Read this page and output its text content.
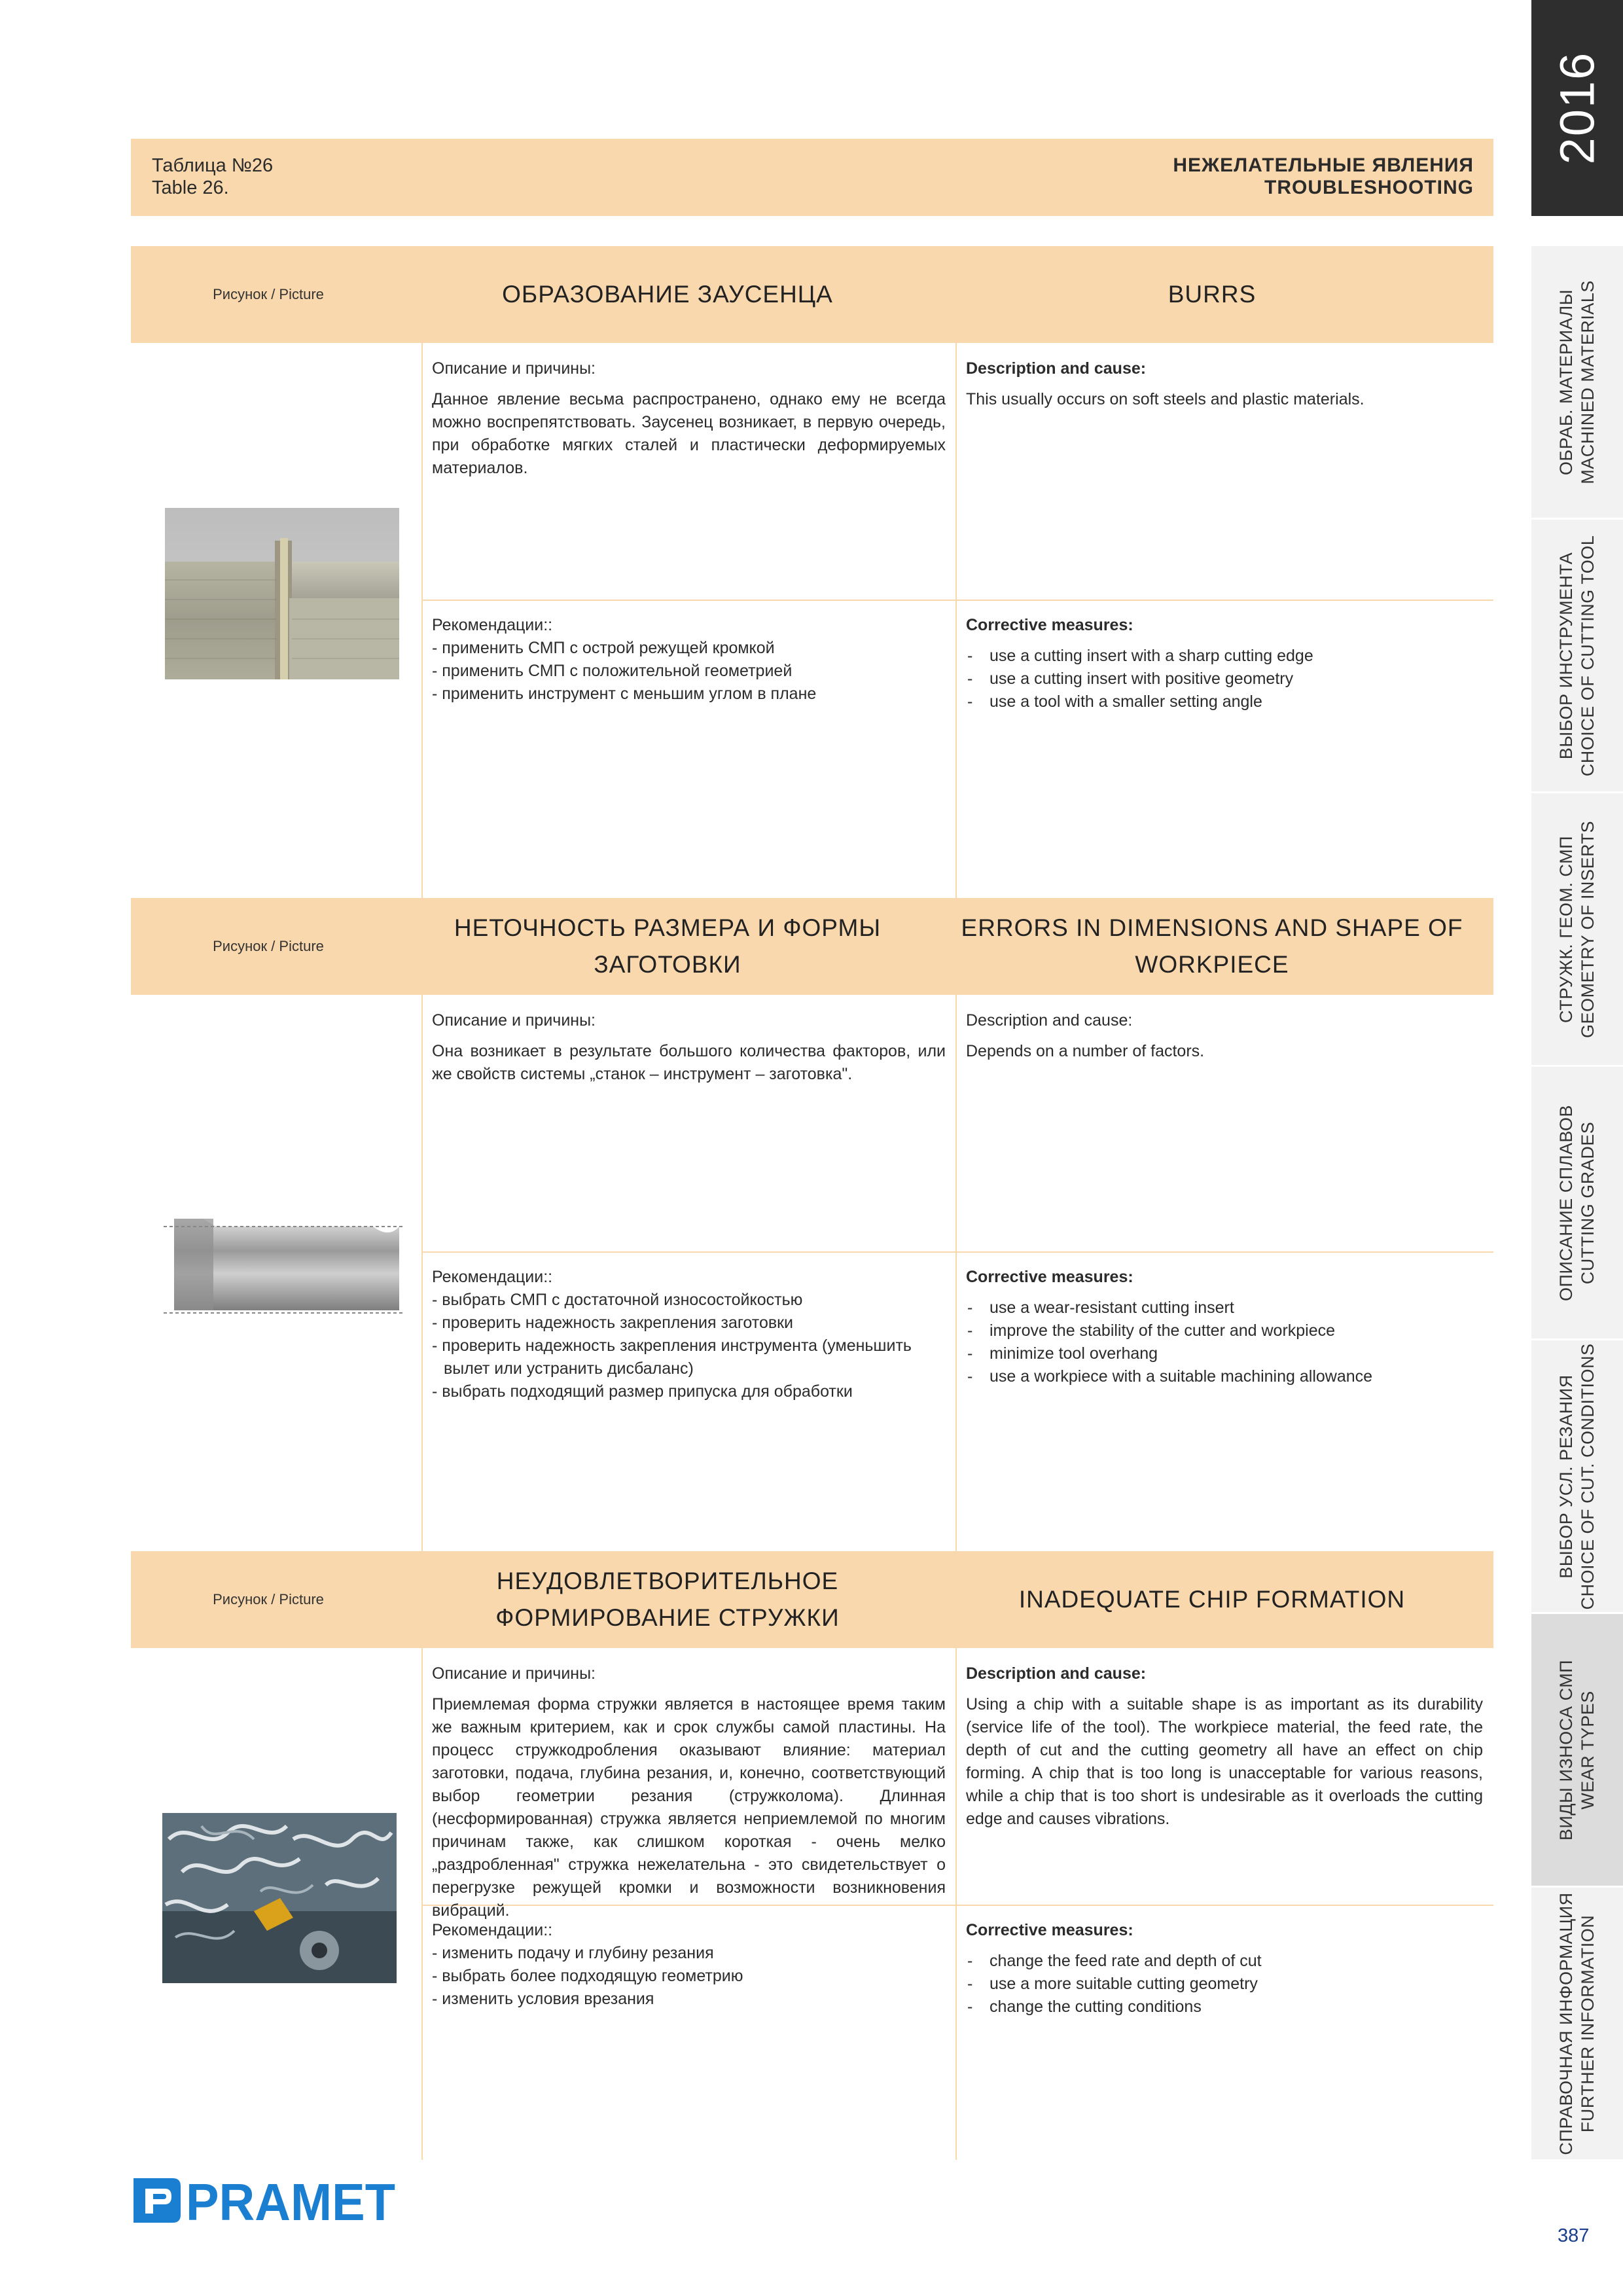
Таблица №26
Table 26.
НЕЖЕЛАТЕЛЬНЫЕ ЯВЛЕНИЯ
TROUBLESHOOTING
Рисунок / Picture	ОБРАЗОВАНИЕ ЗАУСЕНЦА	BURRS
Описание и причины:
Данное явление весьма распространено, однако ему не всегда можно воспрепятствовать. Заусенец возникает, в первую очередь, при обработке мягких сталей и пластически деформируемых материалов.
Description and cause:
This usually occurs on soft steels and plastic materials.
Рекомендации::
- применить СМП с острой режущей кромкой
- применить СМП с положительной геометрией
- применить инструмент с меньшим углом в плане
Corrective measures:
- use a cutting insert with a sharp cutting edge
- use a cutting insert with positive geometry
- use a tool with a smaller setting angle
Рисунок / Picture
НЕТОЧНОСТЬ РАЗМЕРА И ФОРМЫ ЗАГОТОВКИ
ERRORS IN DIMENSIONS AND SHAPE OF WORKPIECE
Описание и причины:
Она возникает в результате большого количества факторов, или же свойств системы „станок – инструмент – заготовка".
Description and cause:
Depends on a number of factors.
Рекомендации::
- выбрать СМП с достаточной износостойкостью
- проверить надежность закрепления заготовки
- проверить надежность закрепления инструмента (уменьшить вылет или устранить дисбаланс)
- выбрать подходящий размер припуска для обработки
Corrective measures:
- use a wear-resistant cutting insert
- improve the stability of the cutter and workpiece
- minimize tool overhang
- use a workpiece with a suitable machining allowance
Рисунок / Picture
НЕУДОВЛЕТВОРИТЕЛЬНОЕ ФОРМИРОВАНИЕ СТРУЖКИ
INADEQUATE CHIP FORMATION
Описание и причины:
Приемлемая форма стружки является в настоящее время таким же важным критерием, как и срок службы самой пластины. На процесс стружкодробления оказывают влияние: материал заготовки, подача, глубина резания, и, конечно, соответствующий выбор геометрии резания (стружколома). Длинная (несформированная) стружка является неприемлемой по многим причинам также, как слишком короткая - очень мелко „раздробленная" стружка нежелательна - это свидетельствует о перегрузке режущей кромки и возможности возникновения вибраций.
Description and cause:
Using a chip with a suitable shape is as important as its durability (service life of the tool). The workpiece material, the feed rate, the depth of cut and the cutting geometry all have an effect on chip forming. A chip that is too long is unacceptable for various reasons, while a chip that is too short is undesirable as it overloads the cutting edge and causes vibrations.
Рекомендации::
- изменить подачу и глубину резания
- выбрать более подходящую геометрию
- изменить условия врезания
Corrective measures:
- change the feed rate and depth of cut
- use a more suitable cutting geometry
- change the cutting conditions
2016
ОБРАБ. МАТЕРИАЛЫ MACHINED MATERIALS
ВЫБОР ИНСТРУМЕНТА CHOICE OF CUTTING TOOL
СТРУЖК. ГЕОМ. СМП GEOMETRY OF INSERTS
ОПИСАНИЕ СПЛАВОВ CUTTING GRADES
ВЫБОР УСЛ. РЕЗАНИЯ CHOICE OF CUT. CONDITIONS
ВИДЫ ИЗНОСА СМП WEAR TYPES
СПРАВОЧНАЯ ИНФОРМАЦИЯ FURTHER INFORMATION
PRAMET
387
